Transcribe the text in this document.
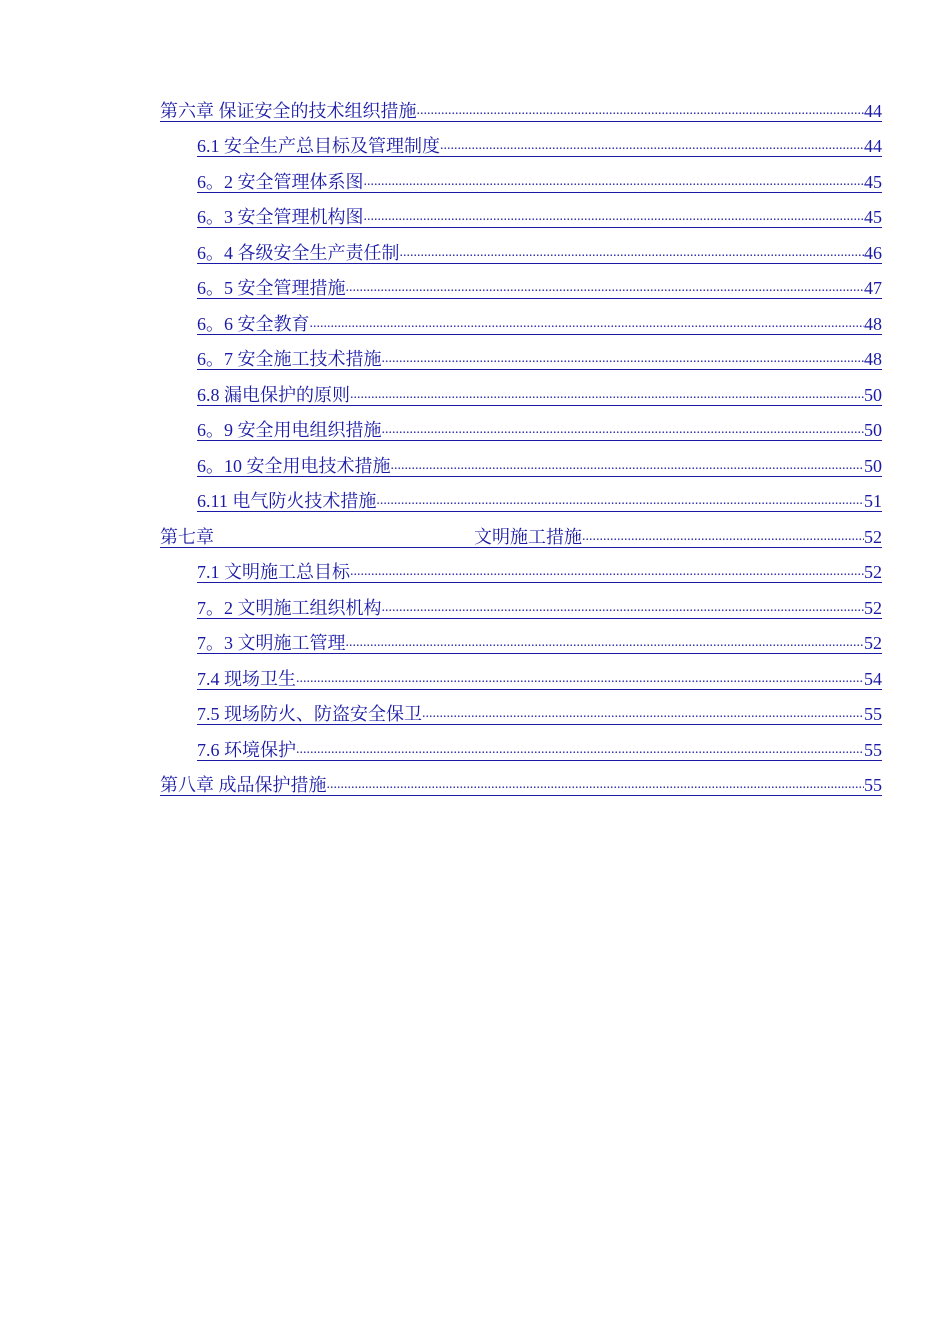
第六章 保证安全的技术组织措施 .....	44
6.1 安全生产总目标及管理制度 .....	44
6。2 安全管理体系图 .....	45
6。3 安全管理机构图 .....	45
6。4 各级安全生产责任制 .....	46
6。5 安全管理措施 .....	47
6。6 安全教育 .....	48
6。7 安全施工技术措施 .....	48
6.8 漏电保护的原则 .....	50
6。9 安全用电组织措施 .....	50
6。10 安全用电技术措施 .....	50
6.11 电气防火技术措施 .....	51
第七章	文明施工措施 .....	52
7.1 文明施工总目标 .....	52
7。2 文明施工组织机构 .....	52
7。3 文明施工管理 .....	52
7.4 现场卫生 .....	54
7.5 现场防火、防盗安全保卫 .....	55
7.6 环境保护 .....	55
第八章 成品保护措施 .....	55
